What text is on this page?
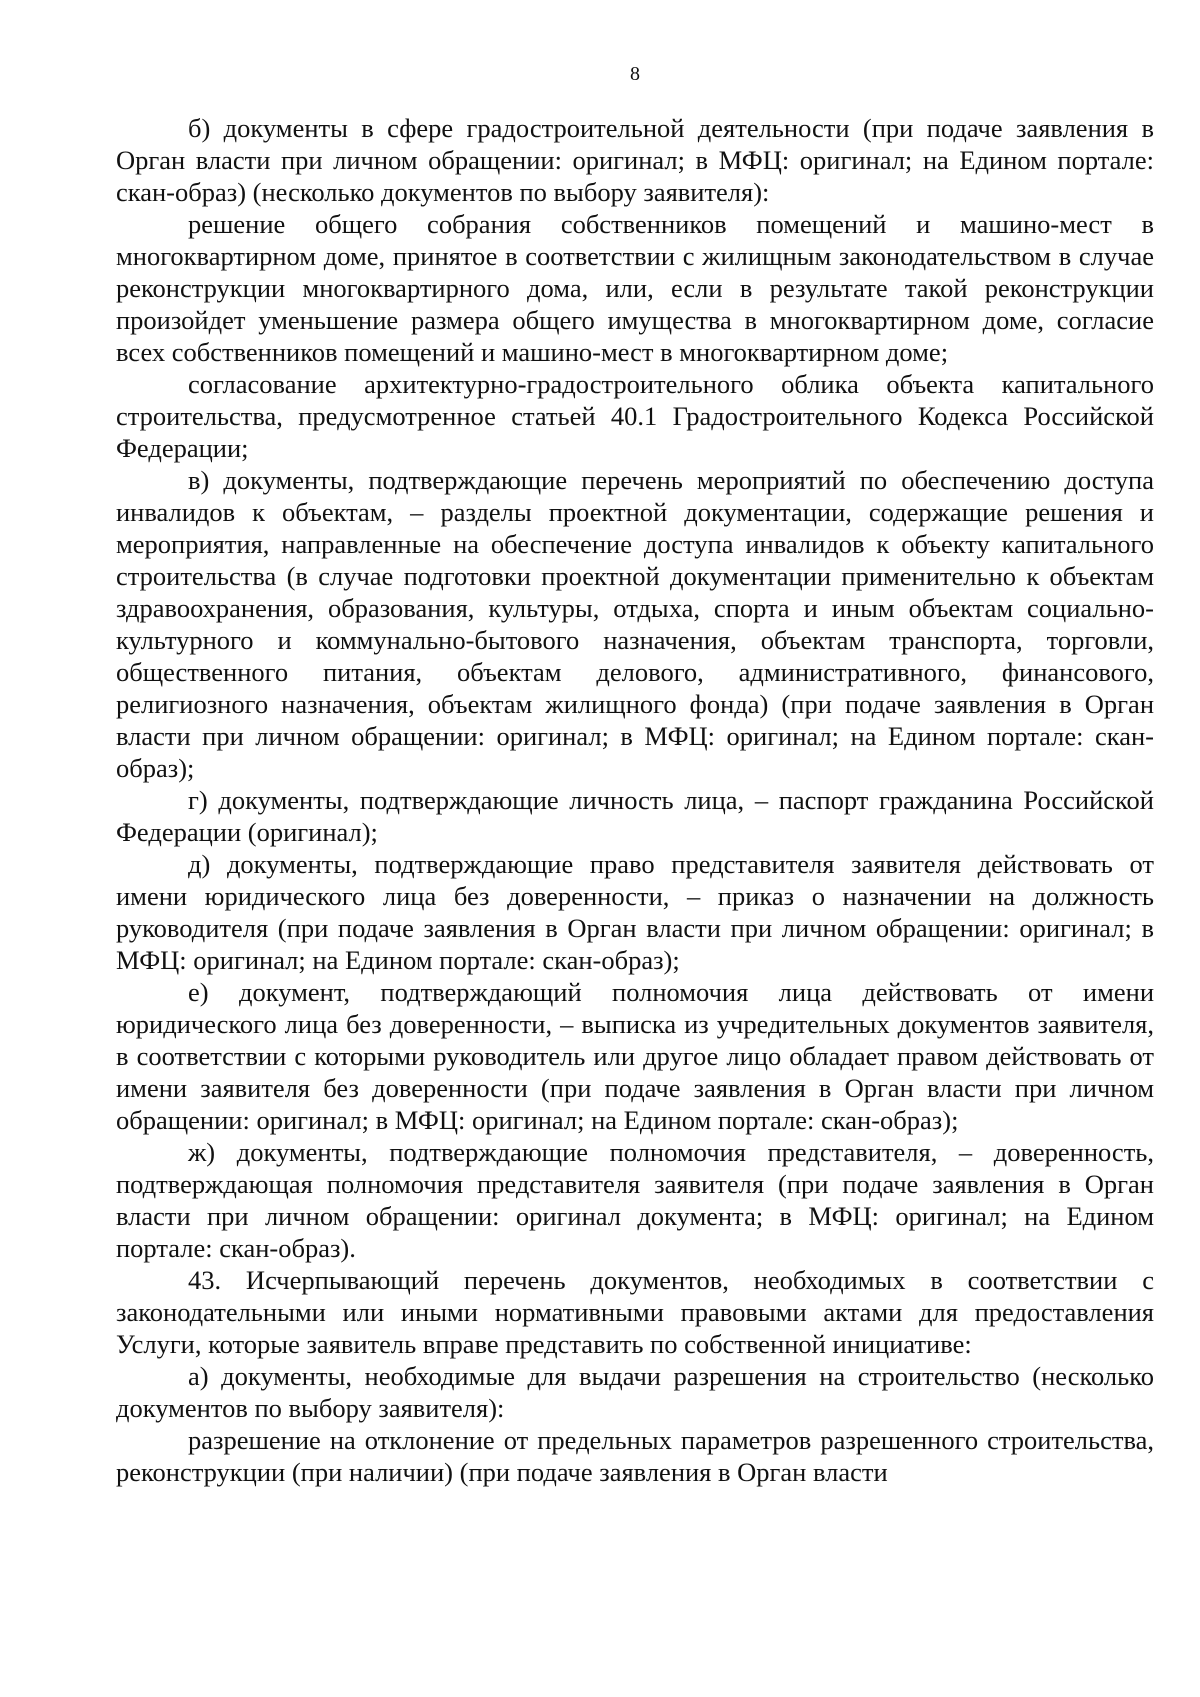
8

б) документы в сфере градостроительной деятельности (при подаче заявления в Орган власти при личном обращении: оригинал; в МФЦ: оригинал; на Едином портале: скан-образ) (несколько документов по выбору заявителя):

решение общего собрания собственников помещений и машино-мест в многоквартирном доме, принятое в соответствии с жилищным законодательством в случае реконструкции многоквартирного дома, или, если в результате такой реконструкции произойдет уменьшение размера общего имущества в многоквартирном доме, согласие всех собственников помещений и машино-мест в многоквартирном доме;

согласование архитектурно-градостроительного облика объекта капитального строительства, предусмотренное статьей 40.1 Градостроительного Кодекса Российской Федерации;

в) документы, подтверждающие перечень мероприятий по обеспечению доступа инвалидов к объектам, – разделы проектной документации, содержащие решения и мероприятия, направленные на обеспечение доступа инвалидов к объекту капитального строительства (в случае подготовки проектной документации применительно к объектам здравоохранения, образования, культуры, отдыха, спорта и иным объектам социально-культурного и коммунально-бытового назначения, объектам транспорта, торговли, общественного питания, объектам делового, административного, финансового, религиозного назначения, объектам жилищного фонда) (при подаче заявления в Орган власти при личном обращении: оригинал; в МФЦ: оригинал; на Едином портале: скан-образ);

г) документы, подтверждающие личность лица, – паспорт гражданина Российской Федерации (оригинал);

д) документы, подтверждающие право представителя заявителя действовать от имени юридического лица без доверенности, – приказ о назначении на должность руководителя (при подаче заявления в Орган власти при личном обращении: оригинал; в МФЦ: оригинал; на Едином портале: скан-образ);

е) документ, подтверждающий полномочия лица действовать от имени юридического лица без доверенности, – выписка из учредительных документов заявителя, в соответствии с которыми руководитель или другое лицо обладает правом действовать от имени заявителя без доверенности (при подаче заявления в Орган власти при личном обращении: оригинал; в МФЦ: оригинал; на Едином портале: скан-образ);

ж) документы, подтверждающие полномочия представителя, – доверенность, подтверждающая полномочия представителя заявителя (при подаче заявления в Орган власти при личном обращении: оригинал документа; в МФЦ: оригинал; на Едином портале: скан-образ).

43. Исчерпывающий перечень документов, необходимых в соответствии с законодательными или иными нормативными правовыми актами для предоставления Услуги, которые заявитель вправе представить по собственной инициативе:

а) документы, необходимые для выдачи разрешения на строительство (несколько документов по выбору заявителя):

разрешение на отклонение от предельных параметров разрешенного строительства, реконструкции (при наличии) (при подаче заявления в Орган власти
